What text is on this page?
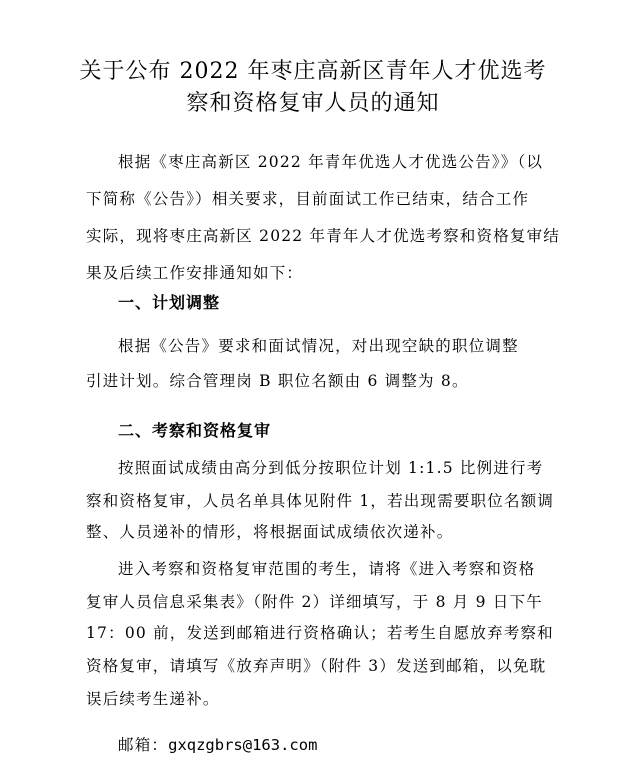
关于公布 2022 年枣庄高新区青年人才优选考
察和资格复审人员的通知
根据《枣庄高新区 2022 年青年优选人才优选公告》》（以
下简称《公告》）相关要求，目前面试工作已结束，结合工作
实际，现将枣庄高新区 2022 年青年人才优选考察和资格复审结
果及后续工作安排通知如下：
一、计划调整
根据《公告》要求和面试情况，对出现空缺的职位调整
引进计划。综合管理岗 B 职位名额由 6 调整为 8。
二、考察和资格复审
按照面试成绩由高分到低分按职位计划 1:1.5 比例进行考
察和资格复审，人员名单具体见附件 1，若出现需要职位名额调
整、人员递补的情形，将根据面试成绩依次递补。
进入考察和资格复审范围的考生，请将《进入考察和资格
复审人员信息采集表》（附件 2）详细填写，于 8 月 9 日下午
17：00 前，发送到邮箱进行资格确认；若考生自愿放弃考察和
资格复审，请填写《放弃声明》（附件 3）发送到邮箱，以免耽
误后续考生递补。
邮箱：gxqzgbrs@163.com
